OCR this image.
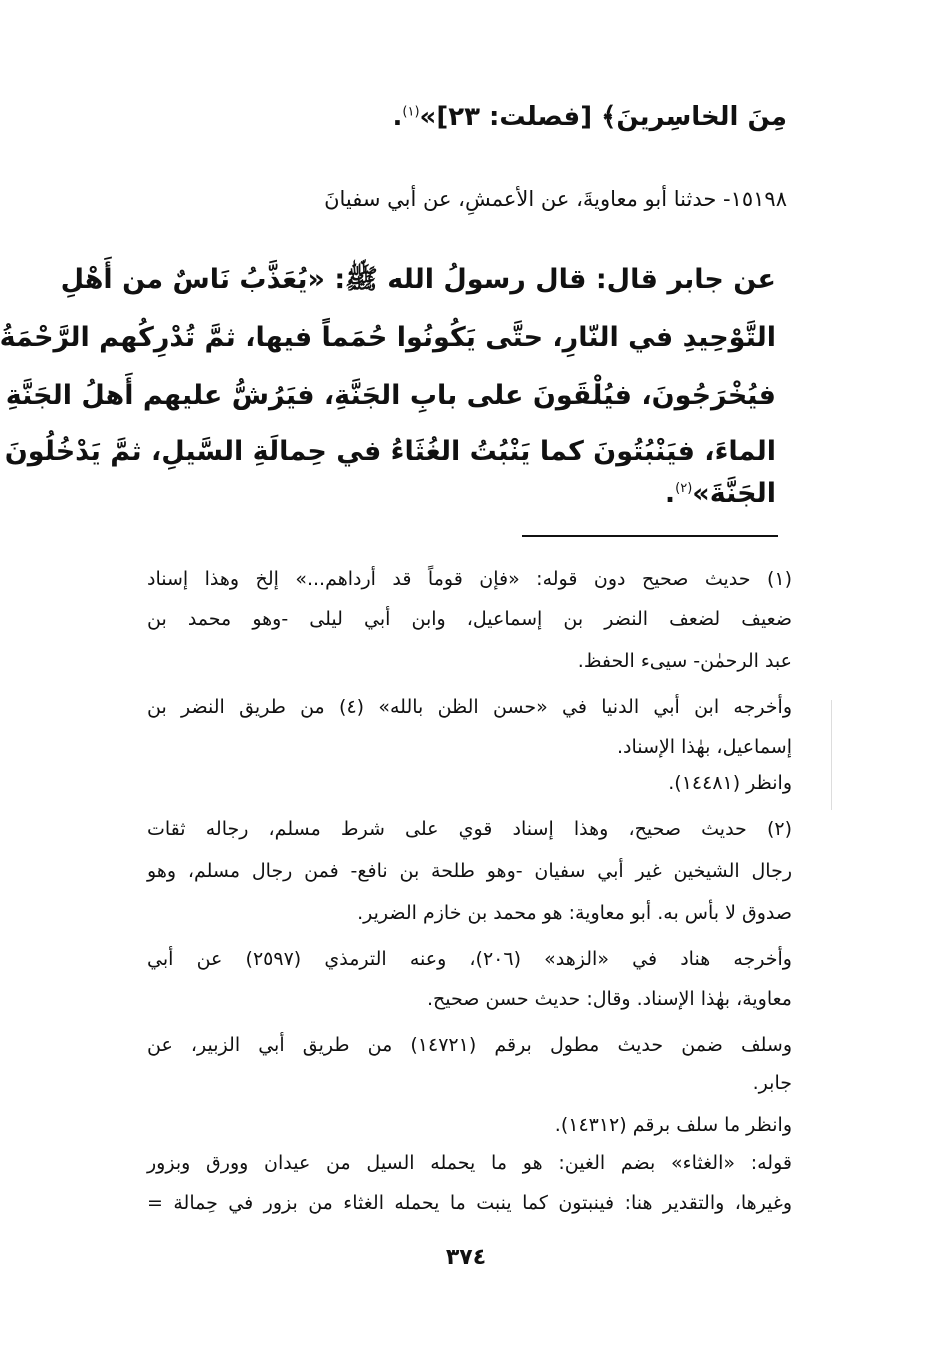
مِنَ الخاسِرينَ﴾ [فصلت: ٢٣]»$^{(١)}$.
١٥١٩٨- حدثنا أبو معاويةَ، عن الأعمشِ، عن أبي سفيانَ
عن جابر قال: قال رسولُ الله ﷺ: «يُعَذَّبُ نَاسٌ من أَهْلِ
التَّوْحِيدِ في النّارِ، حتَّى يَكُونُوا حُمَماً فيها، ثمَّ تُدْرِكُهم الرَّحْمَةُ
فيُخْرَجُونَ، فيُلْقَونَ على بابِ الجَنَّةِ، فيَرُشُّ عليهم أَهلُ الجَنَّةِ
الماءَ، فيَنْبُتُونَ كما يَنْبُتُ الغُثَاءُ في حِمالَةِ السَّيلِ، ثمَّ يَدْخُلُونَ
الجَنَّةَ»$^{(٢)}$.
(١) حديث صحيح دون قوله: «فإن قوماً قد أرداهم...» إلخ وهذا إسناد
ضعيف لضعف النضر بن إسماعيل، وابن أبي ليلى -وهو محمد بن
عبد الرحمٰن- سيىء الحفظ.
وأخرجه ابن أبي الدنيا في «حسن الظن بالله» (٤) من طريق النضر بن
إسماعيل، بهٰذا الإسناد.
وانظر (١٤٤٨١).
(٢) حديث صحيح، وهذا إسناد قوي على شرط مسلم، رجاله ثقات
رجال الشيخين غير أبي سفيان -وهو طلحة بن نافع- فمن رجال مسلم، وهو
صدوق لا بأس به. أبو معاوية: هو محمد بن خازم الضرير.
وأخرجه هناد في «الزهد» (٢٠٦)، وعنه الترمذي (٢٥٩٧) عن أبي
معاوية، بهٰذا الإسناد. وقال: حديث حسن صحيح.
وسلف ضمن حديث مطول برقم (١٤٧٢١) من طريق أبي الزبير، عن
جابر.
وانظر ما سلف برقم (١٤٣١٢).
قوله: «الغثاء» بضم الغين: هو ما يحمله السيل من عيدان وورق وبزور
وغيرها، والتقدير هنا: فينبتون كما ينبت ما يحمله الغثاء من بزور في حِمالة =
٣٧٤
